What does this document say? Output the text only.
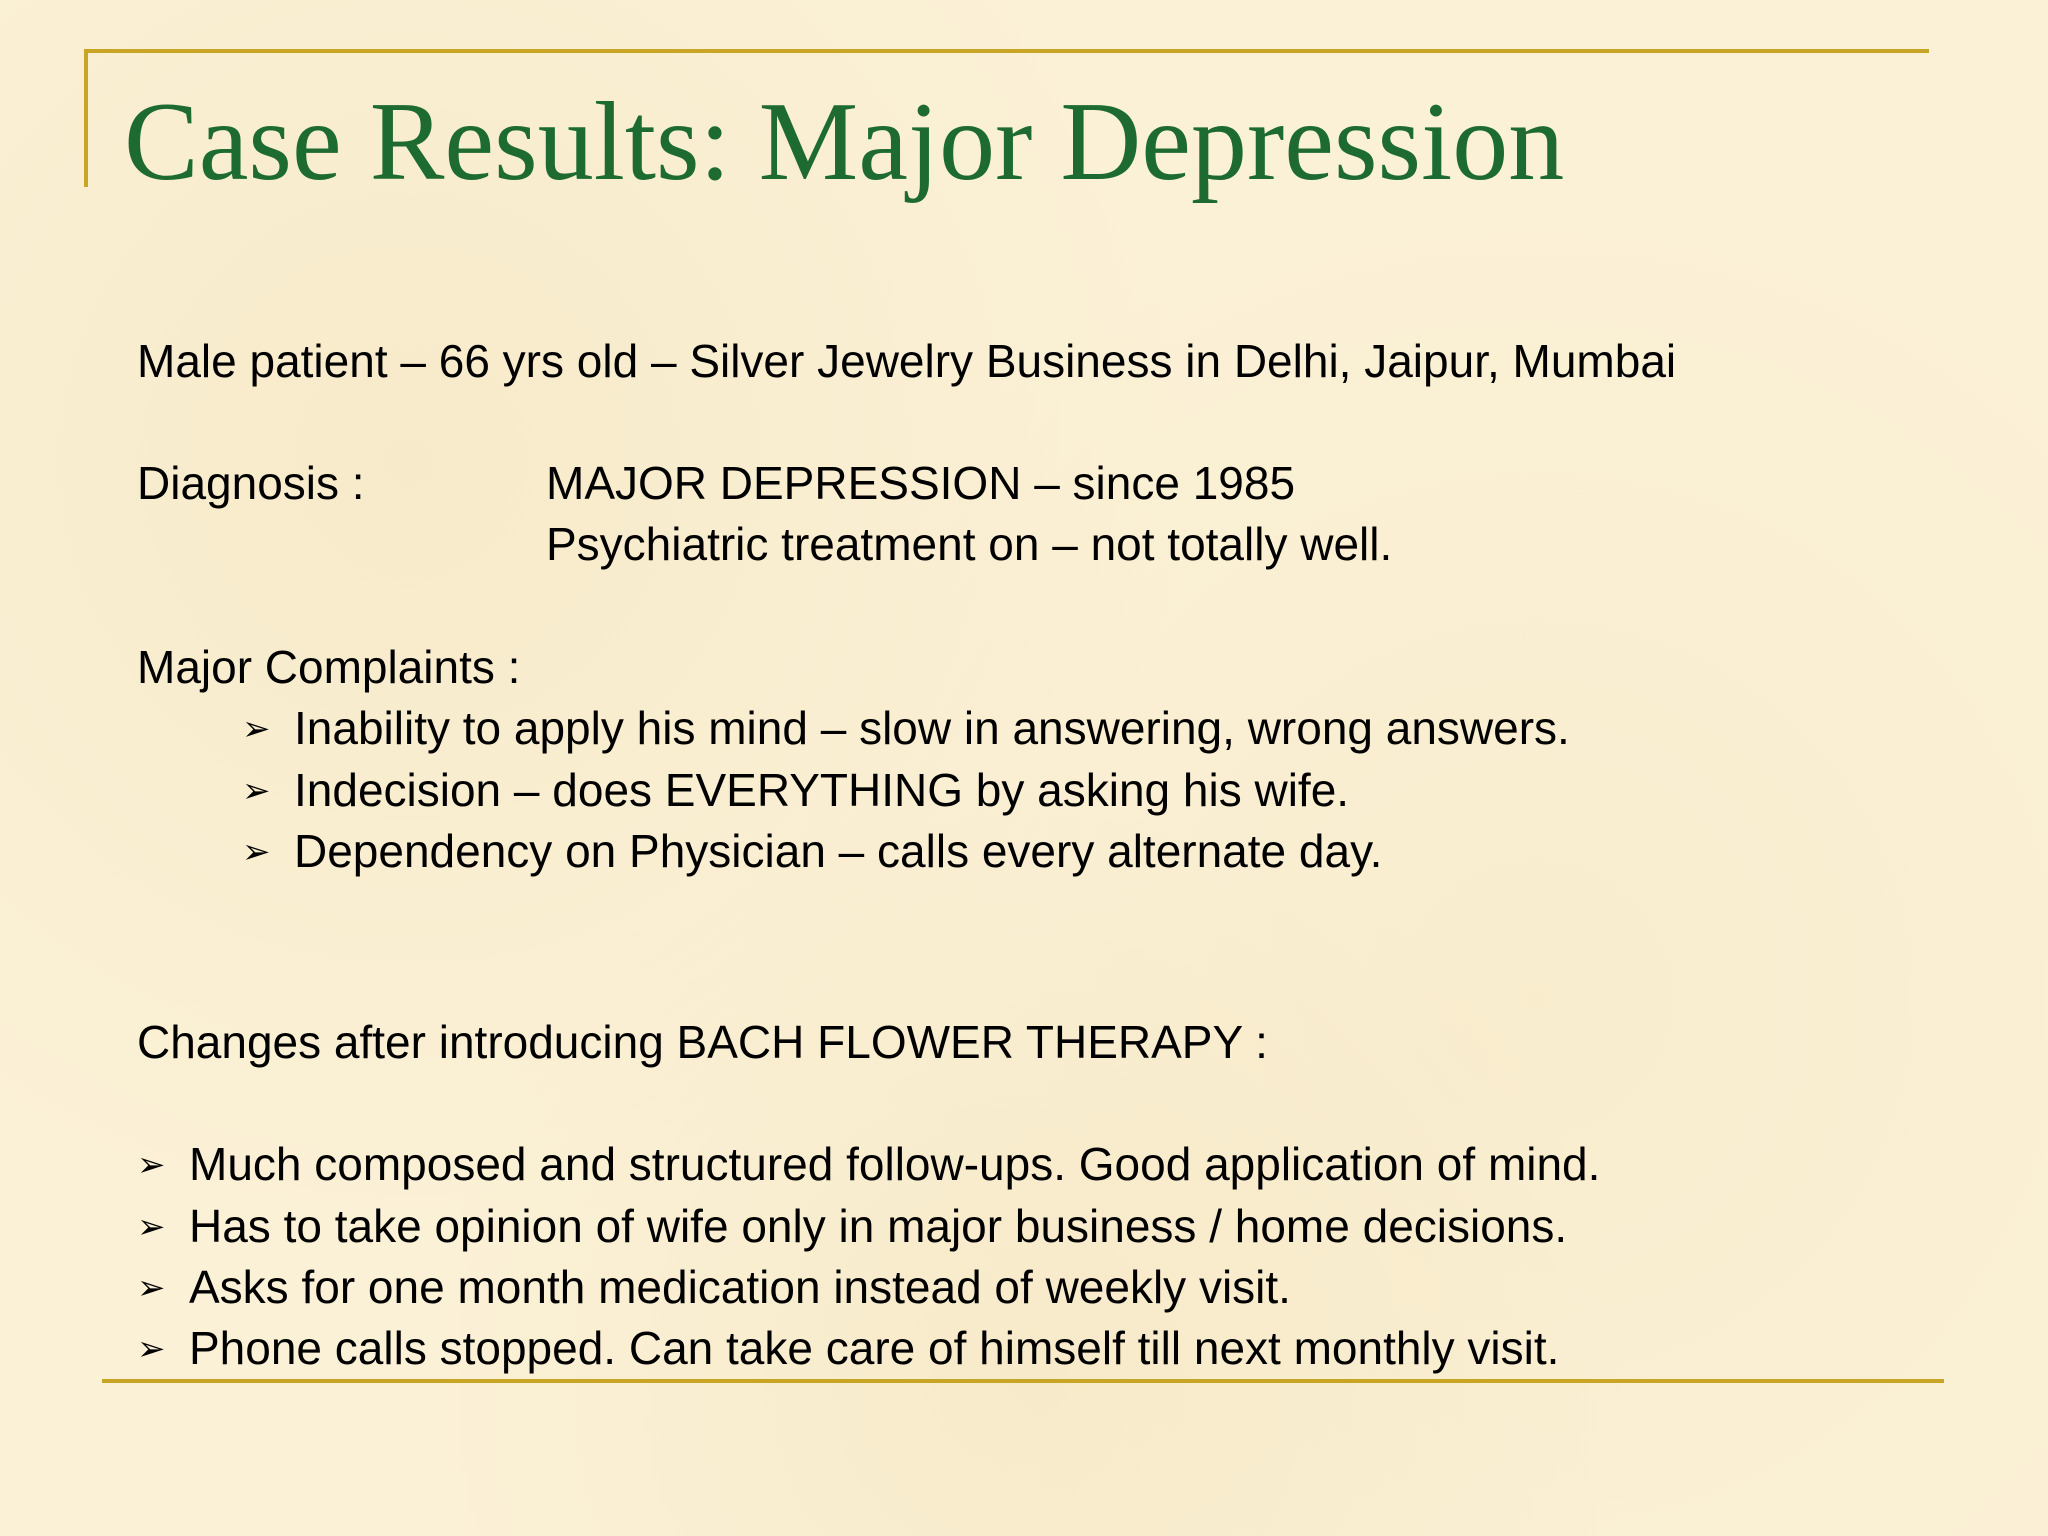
Case Results: Major Depression
Male patient – 66 yrs old – Silver Jewelry Business in Delhi, Jaipur, Mumbai
Diagnosis :	MAJOR DEPRESSION – since 1985
Psychiatric treatment on – not totally well.
Major Complaints :
➢ Inability to apply his mind – slow in answering, wrong answers.
➢ Indecision – does EVERYTHING by asking his wife.
➢ Dependency on Physician – calls every alternate day.
Changes after introducing BACH FLOWER THERAPY :
➢ Much composed and structured follow-ups. Good application of mind.
➢ Has to take opinion of wife only in major business / home decisions.
➢ Asks for one month medication instead of weekly visit.
➢ Phone calls stopped. Can take care of himself till next monthly visit.
